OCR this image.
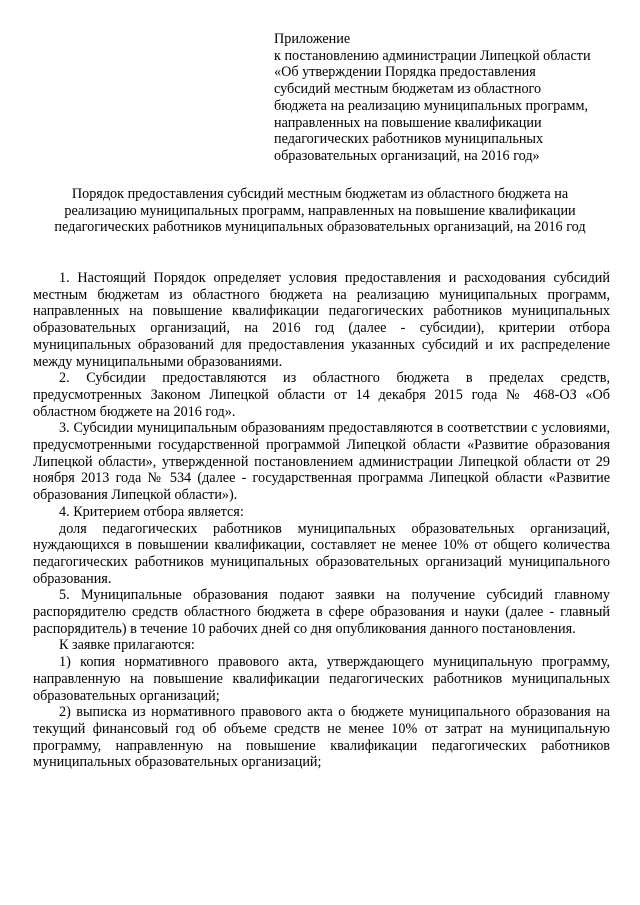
Приложение
к постановлению администрации Липецкой области
«Об утверждении Порядка предоставления
субсидий местным бюджетам из областного
бюджета на реализацию муниципальных программ,
направленных на повышение квалификации
педагогических работников муниципальных
образовательных организаций, на 2016 год»
Порядок предоставления субсидий местным бюджетам из областного бюджета на реализацию муниципальных программ, направленных на повышение квалификации педагогических работников муниципальных образовательных организаций, на 2016 год

1. Настоящий Порядок определяет условия предоставления и расходования субсидий местным бюджетам из областного бюджета на реализацию муниципальных программ, направленных на повышение квалификации педагогических работников муниципальных образовательных организаций, на 2016 год (далее - субсидии), критерии отбора муниципальных образований для предоставления указанных субсидий и их распределение между муниципальными образованиями.

2. Субсидии предоставляются из областного бюджета в пределах средств, предусмотренных Законом Липецкой области от 14 декабря 2015 года № 468-ОЗ «Об областном бюджете на 2016 год».

3. Субсидии муниципальным образованиям предоставляются в соответствии с условиями, предусмотренными государственной программой Липецкой области «Развитие образования Липецкой области», утвержденной постановлением администрации Липецкой области от 29 ноября 2013 года № 534 (далее - государственная программа Липецкой области «Развитие образования Липецкой области»).

4. Критерием отбора является:

доля педагогических работников муниципальных образовательных организаций, нуждающихся в повышении квалификации, составляет не менее 10% от общего количества педагогических работников муниципальных образовательных организаций муниципального образования.

5. Муниципальные образования подают заявки на получение субсидий главному распорядителю средств областного бюджета в сфере образования и науки (далее - главный распорядитель) в течение 10 рабочих дней со дня опубликования данного постановления.

К заявке прилагаются:

1) копия нормативного правового акта, утверждающего муниципальную программу, направленную на повышение квалификации педагогических работников муниципальных образовательных организаций;

2) выписка из нормативного правового акта о бюджете муниципального образования на текущий финансовый год об объеме средств не менее 10% от затрат на муниципальную программу, направленную на повышение квалификации педагогических работников муниципальных образовательных организаций;
